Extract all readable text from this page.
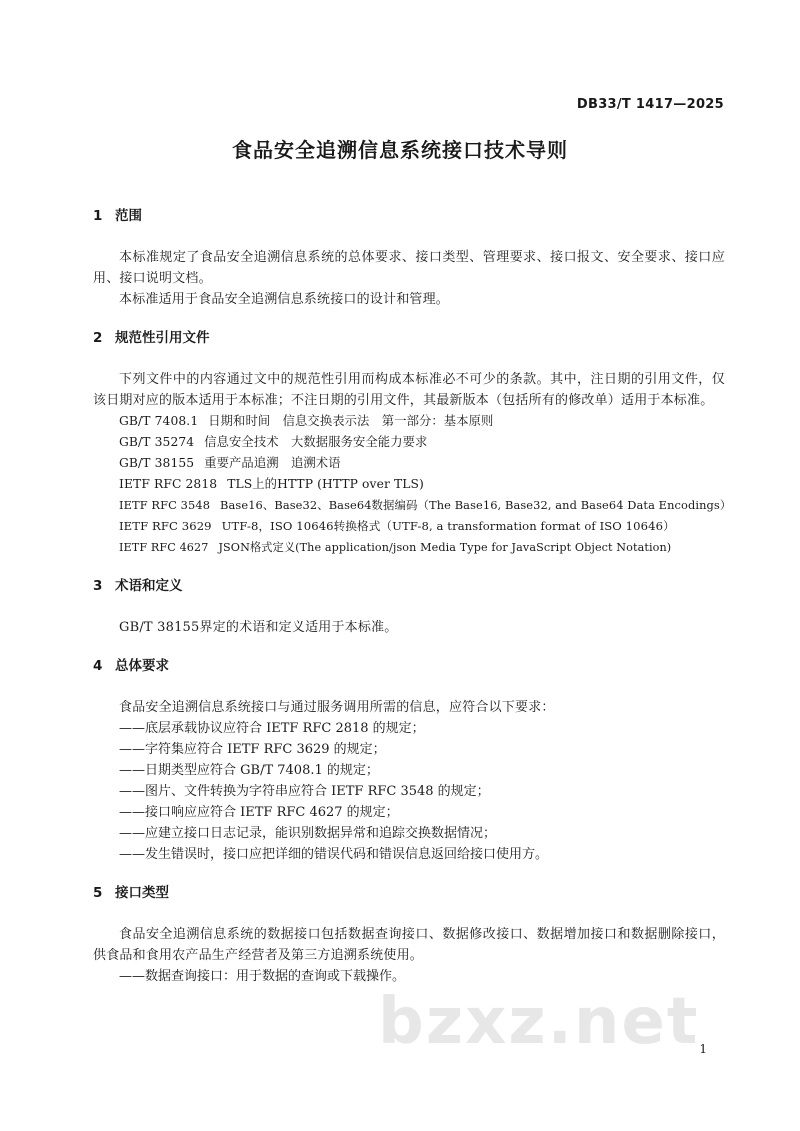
DB33/T 1417—2025
食品安全追溯信息系统接口技术导则

1 范围

本标准规定了食品安全追溯信息系统的总体要求、接口类型、管理要求、接口报文、安全要求、接口应用、接口说明文档。

本标准适用于食品安全追溯信息系统接口的设计和管理。

2 规范性引用文件

下列文件中的内容通过文中的规范性引用而构成本标准必不可少的条款。其中，注日期的引用文件，仅该日期对应的版本适用于本标准；不注日期的引用文件，其最新版本（包括所有的修改单）适用于本标准。

GB/T 7408.1 日期和时间　信息交换表示法　第一部分：基本原则

GB/T 35274 信息安全技术　大数据服务安全能力要求

GB/T 38155 重要产品追溯　追溯术语

IETF RFC 2818 TLS上的HTTP (HTTP over TLS)

IETF RFC 3548 Base16、Base32、Base64数据编码（The Base16, Base32, and Base64 Data Encodings）

IETF RFC 3629 UTF-8，ISO 10646转换格式（UTF-8, a transformation format of ISO 10646）

IETF RFC 4627 JSON格式定义(The application/json Media Type for JavaScript Object Notation)

3 术语和定义

GB/T 38155界定的术语和定义适用于本标准。

4 总体要求

食品安全追溯信息系统接口与通过服务调用所需的信息，应符合以下要求：

——底层承载协议应符合 IETF RFC 2818 的规定；

——字符集应符合 IETF RFC 3629 的规定；

——日期类型应符合 GB/T 7408.1 的规定；

——图片、文件转换为字符串应符合 IETF RFC 3548 的规定；

——接口响应应符合 IETF RFC 4627 的规定；

——应建立接口日志记录，能识别数据异常和追踪交换数据情况；

——发生错误时，接口应把详细的错误代码和错误信息返回给接口使用方。

5 接口类型

食品安全追溯信息系统的数据接口包括数据查询接口、数据修改接口、数据增加接口和数据删除接口，供食品和食用农产品生产经营者及第三方追溯系统使用。

——数据查询接口：用于数据的查询或下载操作。

bzxz.net 1
